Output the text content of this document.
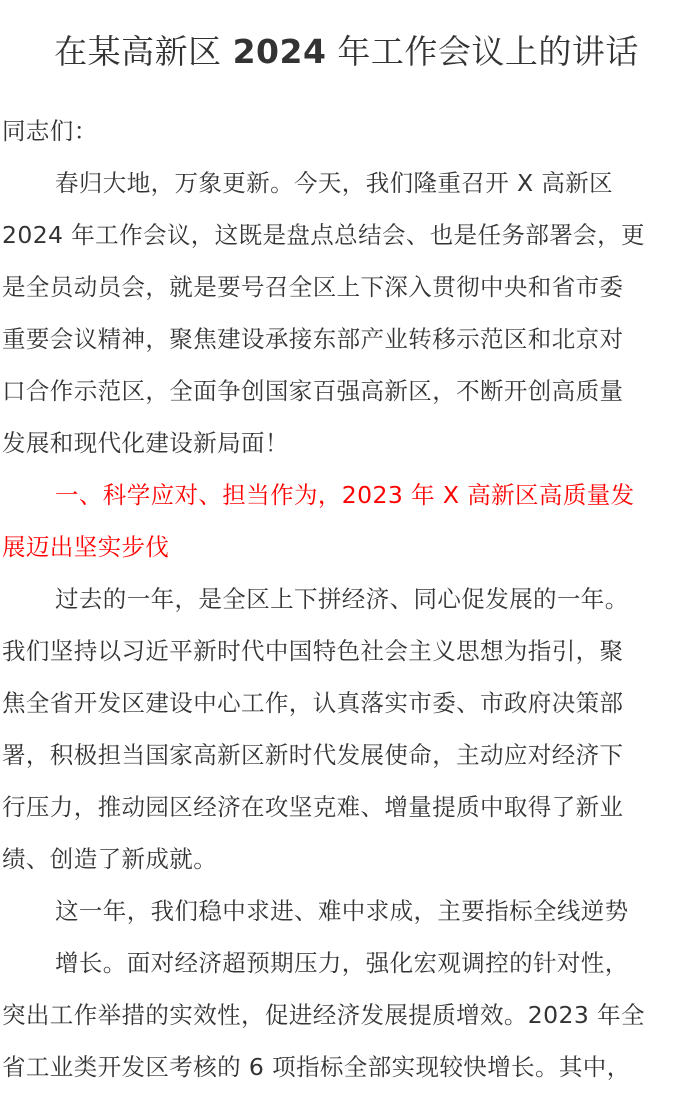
在某高新区 2024 年工作会议上的讲话
同志们：
春归大地，万象更新。今天，我们隆重召开 X 高新区
2024 年工作会议，这既是盘点总结会、也是任务部署会，更
是全员动员会，就是要号召全区上下深入贯彻中央和省市委
重要会议精神，聚焦建设承接东部产业转移示范区和北京对
口合作示范区，全面争创国家百强高新区，不断开创高质量
发展和现代化建设新局面！
一、科学应对、担当作为，2023 年 X 高新区高质量发
展迈出坚实步伐
过去的一年，是全区上下拼经济、同心促发展的一年。
我们坚持以习近平新时代中国特色社会主义思想为指引，聚
焦全省开发区建设中心工作，认真落实市委、市政府决策部
署，积极担当国家高新区新时代发展使命，主动应对经济下
行压力，推动园区经济在攻坚克难、增量提质中取得了新业
绩、创造了新成就。
这一年，我们稳中求进、难中求成，主要指标全线逆势
增长。面对经济超预期压力，强化宏观调控的针对性，
突出工作举措的实效性，促进经济发展提质增效。2023 年全
省工业类开发区考核的 6 项指标全部实现较快增长。其中，
